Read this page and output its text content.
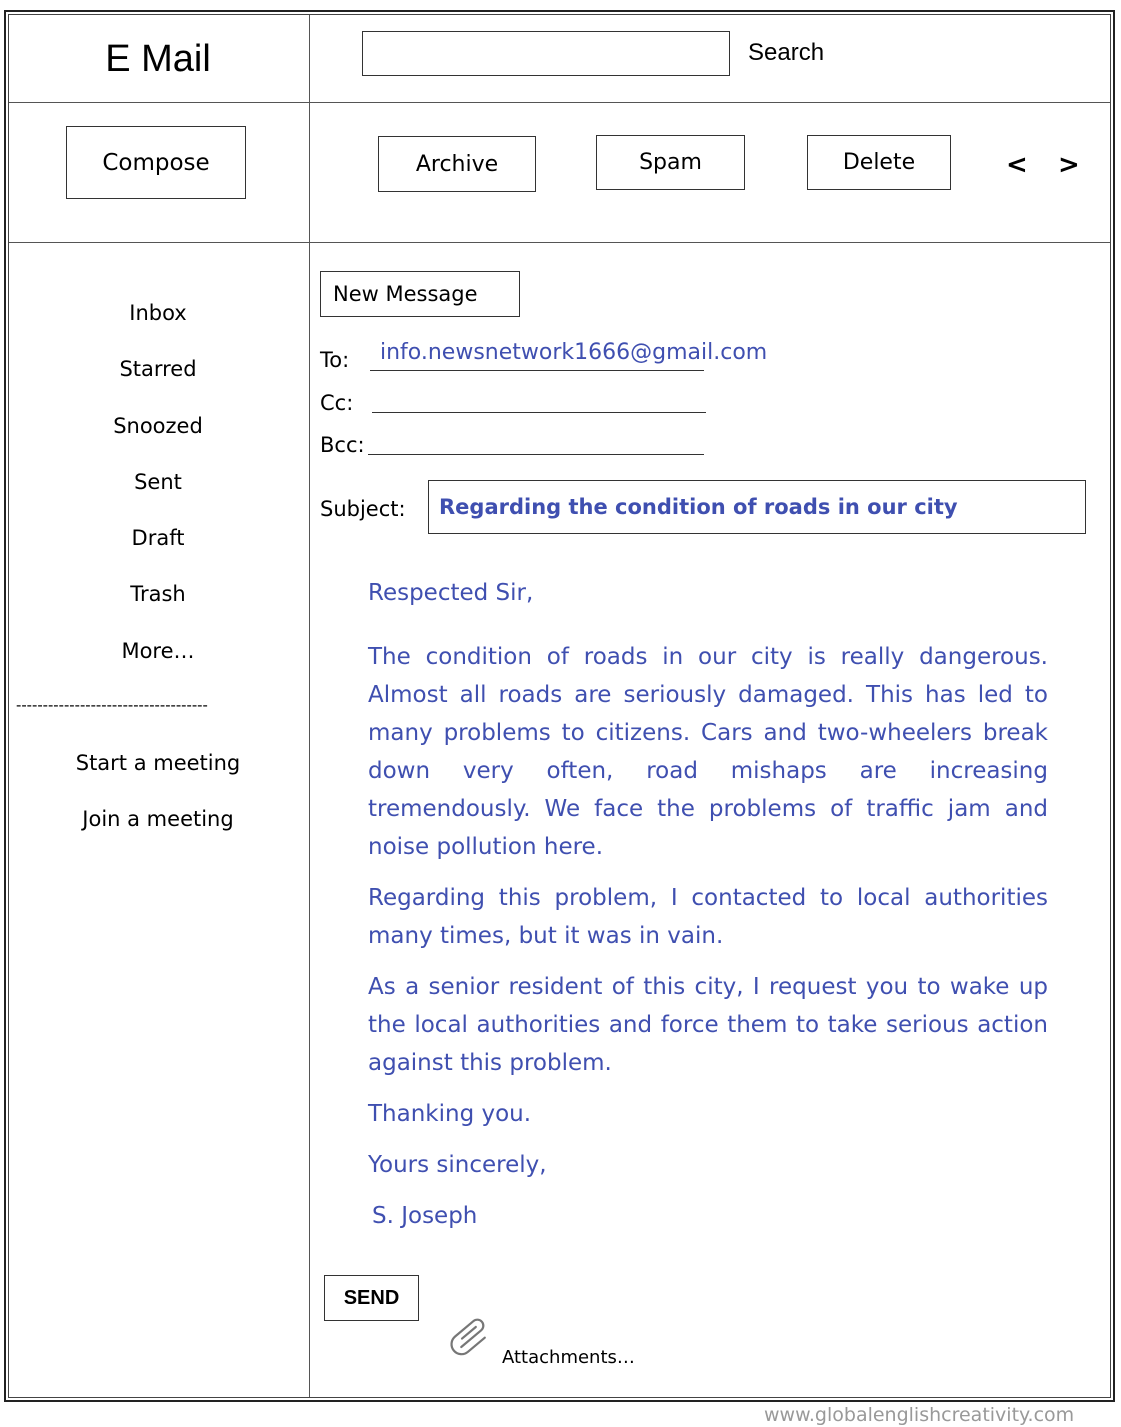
E Mail	Search
Compose	Archive	Spam	Delete	< >
Inbox
Starred
Snoozed
Sent
Draft
Trash
More…
------------------------------------
Start a meeting
Join a meeting
New Message
To: info.newsnetwork1666@gmail.com
Cc:
Bcc:
Subject:	Regarding the condition of roads in our city
Respected Sir,
The condition of roads in our city is really dangerous. Almost all roads are seriously damaged. This has led to many problems to citizens. Cars and two-wheelers break down very often, road mishaps are increasing tremendously. We face the problems of traffic jam and noise pollution here.
Regarding this problem, I contacted to local authorities many times, but it was in vain.
As a senior resident of this city, I request you to wake up the local authorities and force them to take serious action against this problem.
Thanking you.
Yours sincerely,
S. Joseph
SEND
Attachments…
www.globalenglishcreativity.com
